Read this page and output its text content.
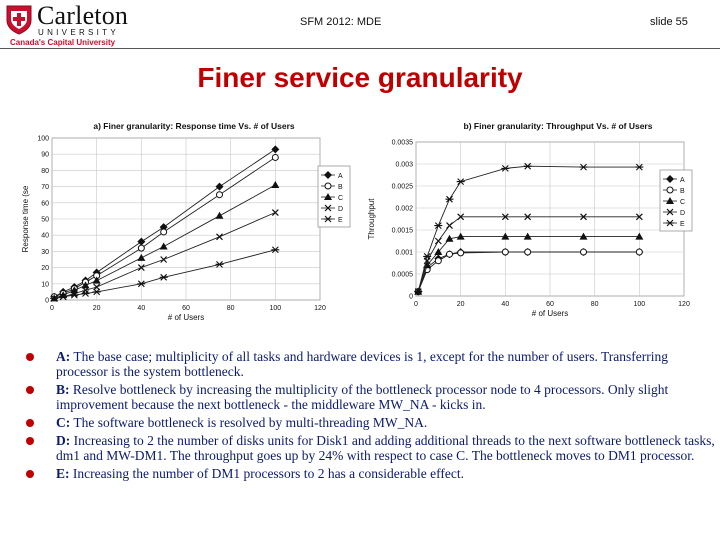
Carleton
UNIVERSITY
Canada's Capital University
SFM 2012: MDE	slide 55
Finer service granularity
a) Finer granularity: Response time Vs. # of Users
0
10
20
30
40
50
60
70
80
90
100
0	20	40	60	80	100	120
# of Users
Response time (se
A
B
C
D
E
b) Finer granularity: Throughput Vs. # of Users
0
0.0005
0.001
0.0015
0.002
0.0025
0.003
0.0035
0	20	40	60	80	100	120
# of Users
Throughput
A
B
C
D
E
A: The base case; multiplicity of all tasks and hardware devices is 1, except for the number of users. Transferring processor is the system bottleneck.
B: Resolve bottleneck by increasing the multiplicity of the bottleneck processor node to 4 processors. Only slight improvement because the next bottleneck - the middleware MW_NA - kicks in.
C: The software bottleneck is resolved by multi-threading MW_NA.
D: Increasing to 2 the number of disks units for Disk1 and adding additional threads to the next software bottleneck tasks, dm1 and MW-DM1. The throughput goes up by 24% with respect to case C. The bottleneck moves to DM1 processor.
E: Increasing the number of DM1 processors to 2 has a considerable effect.
